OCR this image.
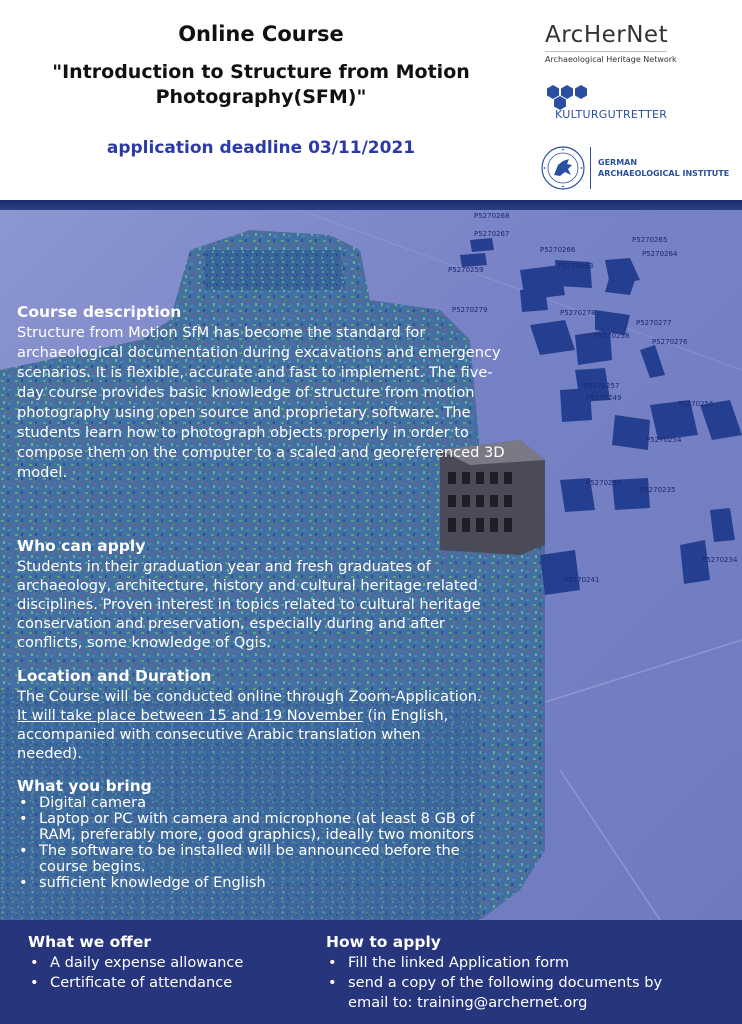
Online Course
"Introduction to Structure from Motion
Photography(SFM)"
application deadline 03/11/2021
ArcHerNet
Archaeological Heritage Network
KULTURGUTRETTER
GERMAN
ARCHAEOLOGICAL INSTITUTE
P5270268
P5270267
P5270266
P5270265
P5270264
P5270263
P5270259
P5270278
P5270277
P5270276
P5270258
P5270257
P5270256
P5270249
P5270254
P5270238
P5270235
P5270234
P5270241
P5270279
Course description
Structure from Motion SfM has become the standard for archaeological documentation during excavations and emergency scenarios. It is flexible, accurate and fast to implement. The five-day course provides basic knowledge of structure from motion photography using open source and proprietary software. The students learn how to photograph objects properly in order to compose them on the computer to a scaled and georeferenced 3D model.
Who can apply
Students in their graduation year and fresh graduates of archaeology, architecture, history and cultural heritage related disciplines. Proven interest in topics related to cultural heritage conservation and preservation, especially during and after conflicts, some knowledge of Qgis.
Location and Duration
The Course will be conducted online through Zoom-Application. It will take place between 15 and 19 November (in English, accompanied with consecutive Arabic translation when needed).
What you bring
• Digital camera
• Laptop or PC with camera and microphone (at least 8 GB of RAM, preferably more, good graphics), ideally two monitors
• The software to be installed will be announced before the course begins.
• sufficient knowledge of English
What we offer
• A daily expense allowance
• Certificate of attendance
How to apply
• Fill the linked Application form
• send a copy of the following documents by email to: training@archernet.org
